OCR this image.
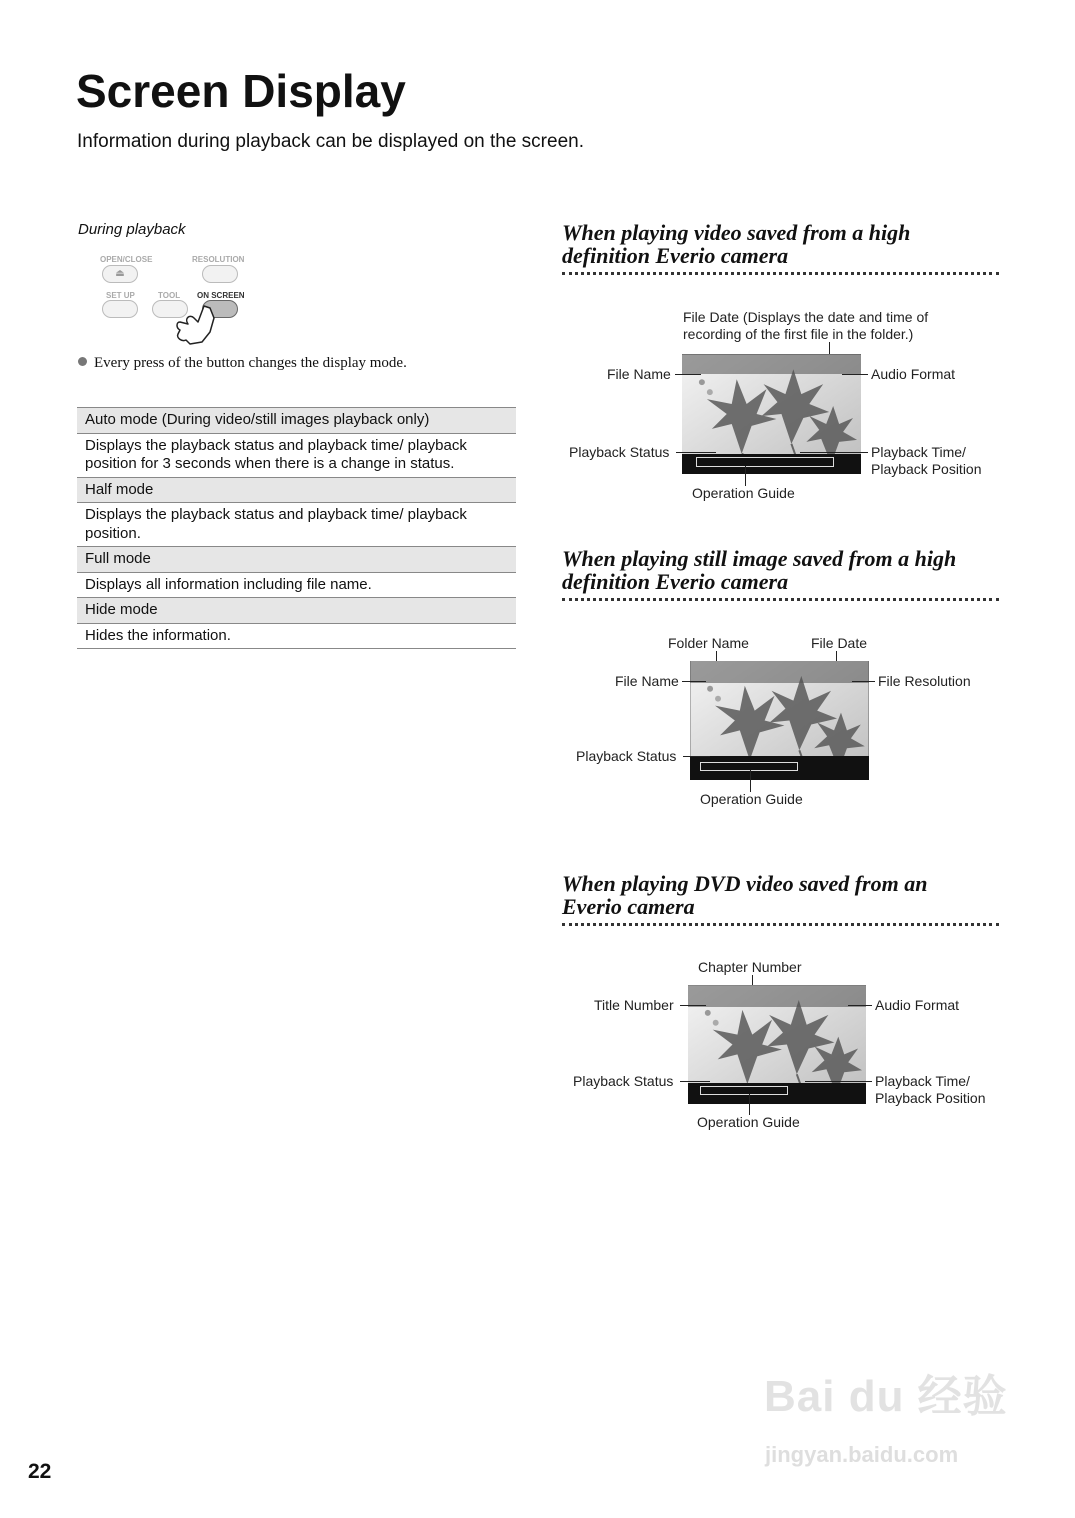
Screen Display
Information during playback can be displayed on the screen.
During playback
OPEN/CLOSE
⏏
RESOLUTION
SET UP	TOOL ON SCREEN
Every press of the button changes the display mode.
Auto mode (During video/still images playback only)
Displays the playback status and playback time/ playback position for 3 seconds when there is a change in status.
Half mode
Displays the playback status and playback time/ playback position.
Full mode
Displays all information including file name.
Hide mode
Hides the information.
When playing video saved from a high
definition Everio camera
File Date (Displays the date and time of
recording of the first file in the folder.)
File Name	Audio Format
Playback Status	Playback Time/
Playback Position
Operation Guide
When playing still image saved from a high
definition Everio camera
Folder Name	File Date
File Name	File Resolution
Playback Status
Operation Guide
When playing DVD video saved from an
Everio camera
Chapter Number
Title Number	Audio Format
Playback Status	Playback Time/
Playback Position
Operation Guide
22
Bai du 经验
jingyan.baidu.com
